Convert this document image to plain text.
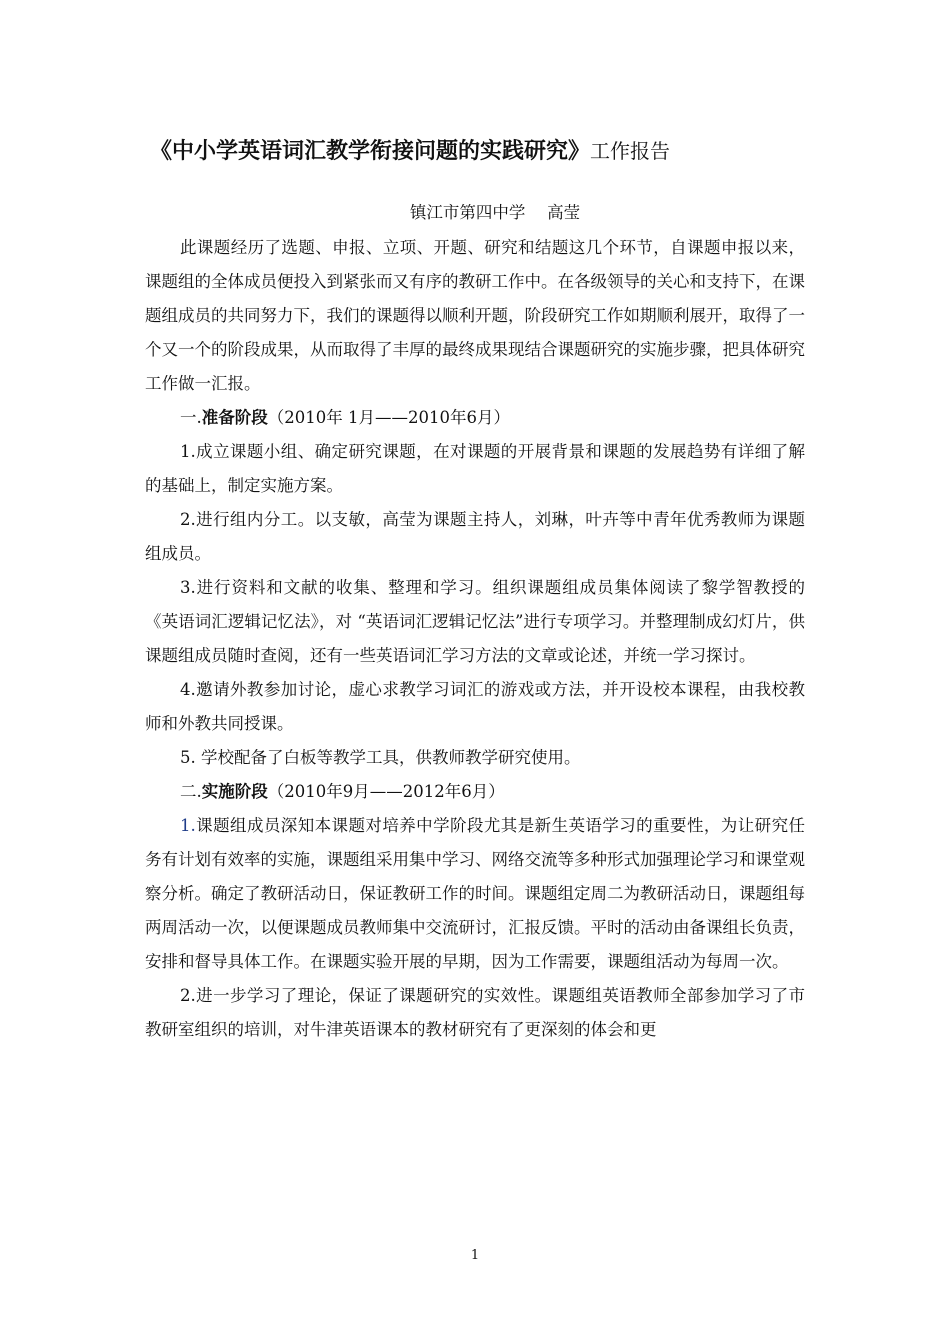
《中小学英语词汇教学衔接问题的实践研究》工作报告
镇江市第四中学　 高莹

此课题经历了选题、申报、立项、开题、研究和结题这几个环节，自课题申报以来，课题组的全体成员便投入到紧张而又有序的教研工作中。在各级领导的关心和支持下，在课题组成员的共同努力下，我们的课题得以顺利开题，阶段研究工作如期顺利展开，取得了一个又一个的阶段成果，从而取得了丰厚的最终成果现结合课题研究的实施步骤，把具体研究工作做一汇报。

一.准备阶段（2010年 1月——2010年6月）

1.成立课题小组、确定研究课题，在对课题的开展背景和课题的发展趋势有详细了解的基础上，制定实施方案。

2.进行组内分工。以支敏，高莹为课题主持人，刘琳，叶卉等中青年优秀教师为课题组成员。

3.进行资料和文献的收集、整理和学习。组织课题组成员集体阅读了黎学智教授的《英语词汇逻辑记忆法》，对 “英语词汇逻辑记忆法”进行专项学习。并整理制成幻灯片，供课题组成员随时查阅，还有一些英语词汇学习方法的文章或论述，并统一学习探讨。

4.邀请外教参加讨论，虚心求教学习词汇的游戏或方法，并开设校本课程，由我校教师和外教共同授课。

5. 学校配备了白板等教学工具，供教师教学研究使用。

二.实施阶段（2010年9月——2012年6月）

1.课题组成员深知本课题对培养中学阶段尤其是新生英语学习的重要性，为让研究任务有计划有效率的实施，课题组采用集中学习、网络交流等多种形式加强理论学习和课堂观察分析。确定了教研活动日，保证教研工作的时间。课题组定周二为教研活动日，课题组每两周活动一次，以便课题成员教师集中交流研讨，汇报反馈。平时的活动由备课组长负责，安排和督导具体工作。在课题实验开展的早期，因为工作需要，课题组活动为每周一次。

2.进一步学习了理论，保证了课题研究的实效性。课题组英语教师全部参加学习了市教研室组织的培训，对牛津英语课本的教材研究有了更深刻的体会和更

1
